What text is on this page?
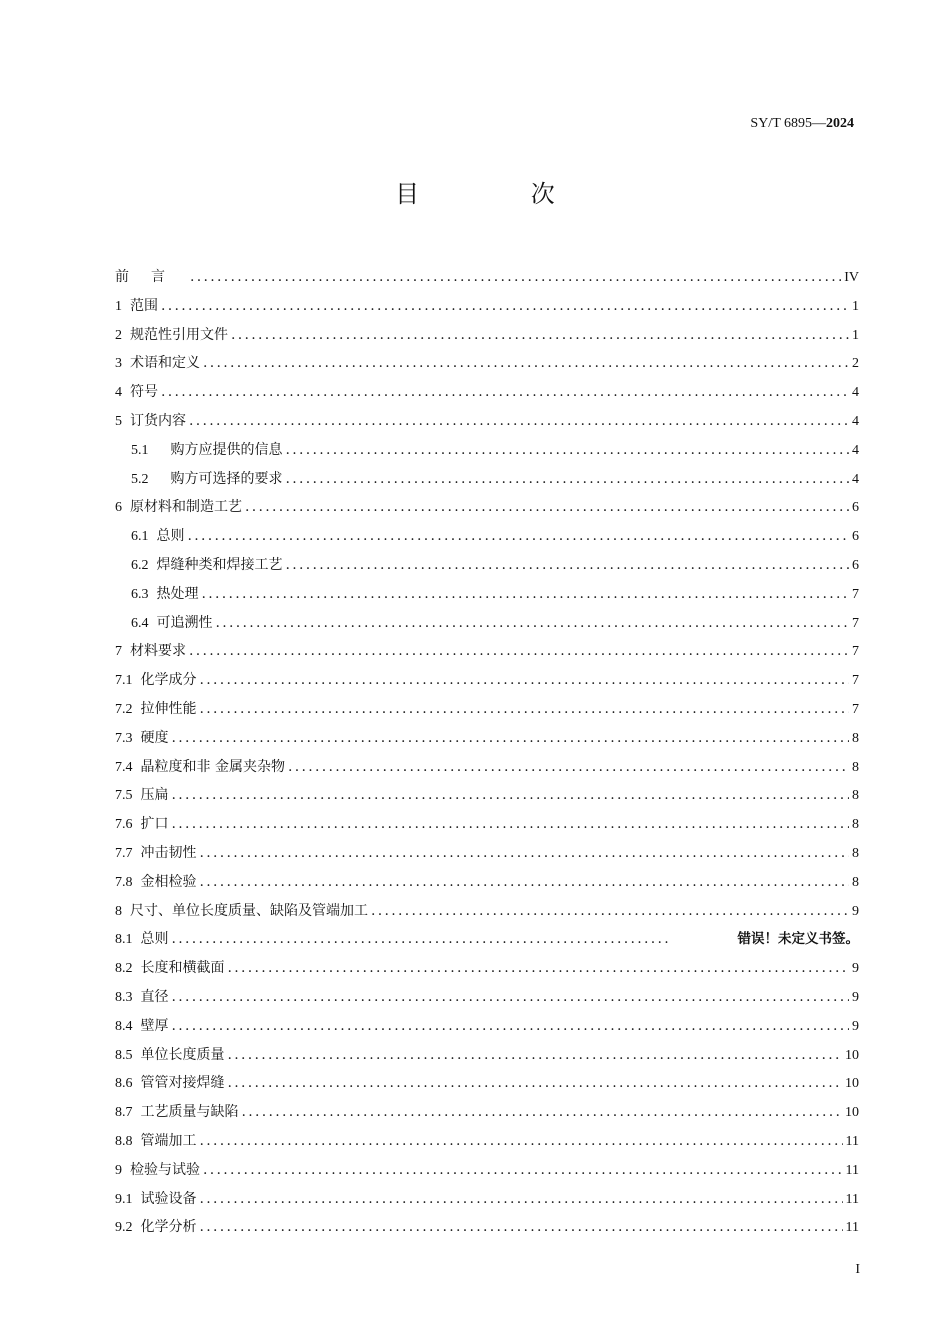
SY/T 6895—2024
目 次
前言 .....	IV
1 范围 .....	1
2 规范性引用文件 .....	1
3 术语和定义 .....	2
4 符号 .....	4
5 订货内容 .....	4
5.1 购方应提供的信息 .....	4
5.2 购方可选择的要求 .....	4
6 原材料和制造工艺 .....	6
6.1 总则 .....	6
6.2 焊缝种类和焊接工艺 .....	6
6.3 热处理 .....	7
6.4 可追溯性 .....	7
7 材料要求 .....	7
7.1 化学成分 .....	7
7.2 拉伸性能 .....	7
7.3 硬度 .....	8
7.4 晶粒度和非 金属夹杂物 .....	8
7.5 压扁 .....	8
7.6 扩口 .....	8
7.7 冲击韧性 .....	8
7.8 金相检验 .....	8
8 尺寸、单位长度质量、缺陷及管端加工 .....	9
8.1 总则 .....	错误！未定义书签。
8.2 长度和横截面 .....	9
8.3 直径 .....	9
8.4 壁厚 .....	9
8.5 单位长度质量 .....	10
8.6 管管对接焊缝 .....	10
8.7 工艺质量与缺陷 .....	10
8.8 管端加工 .....	11
9 检验与试验 .....	11
9.1 试验设备 .....	11
9.2 化学分析 .....	11
I
